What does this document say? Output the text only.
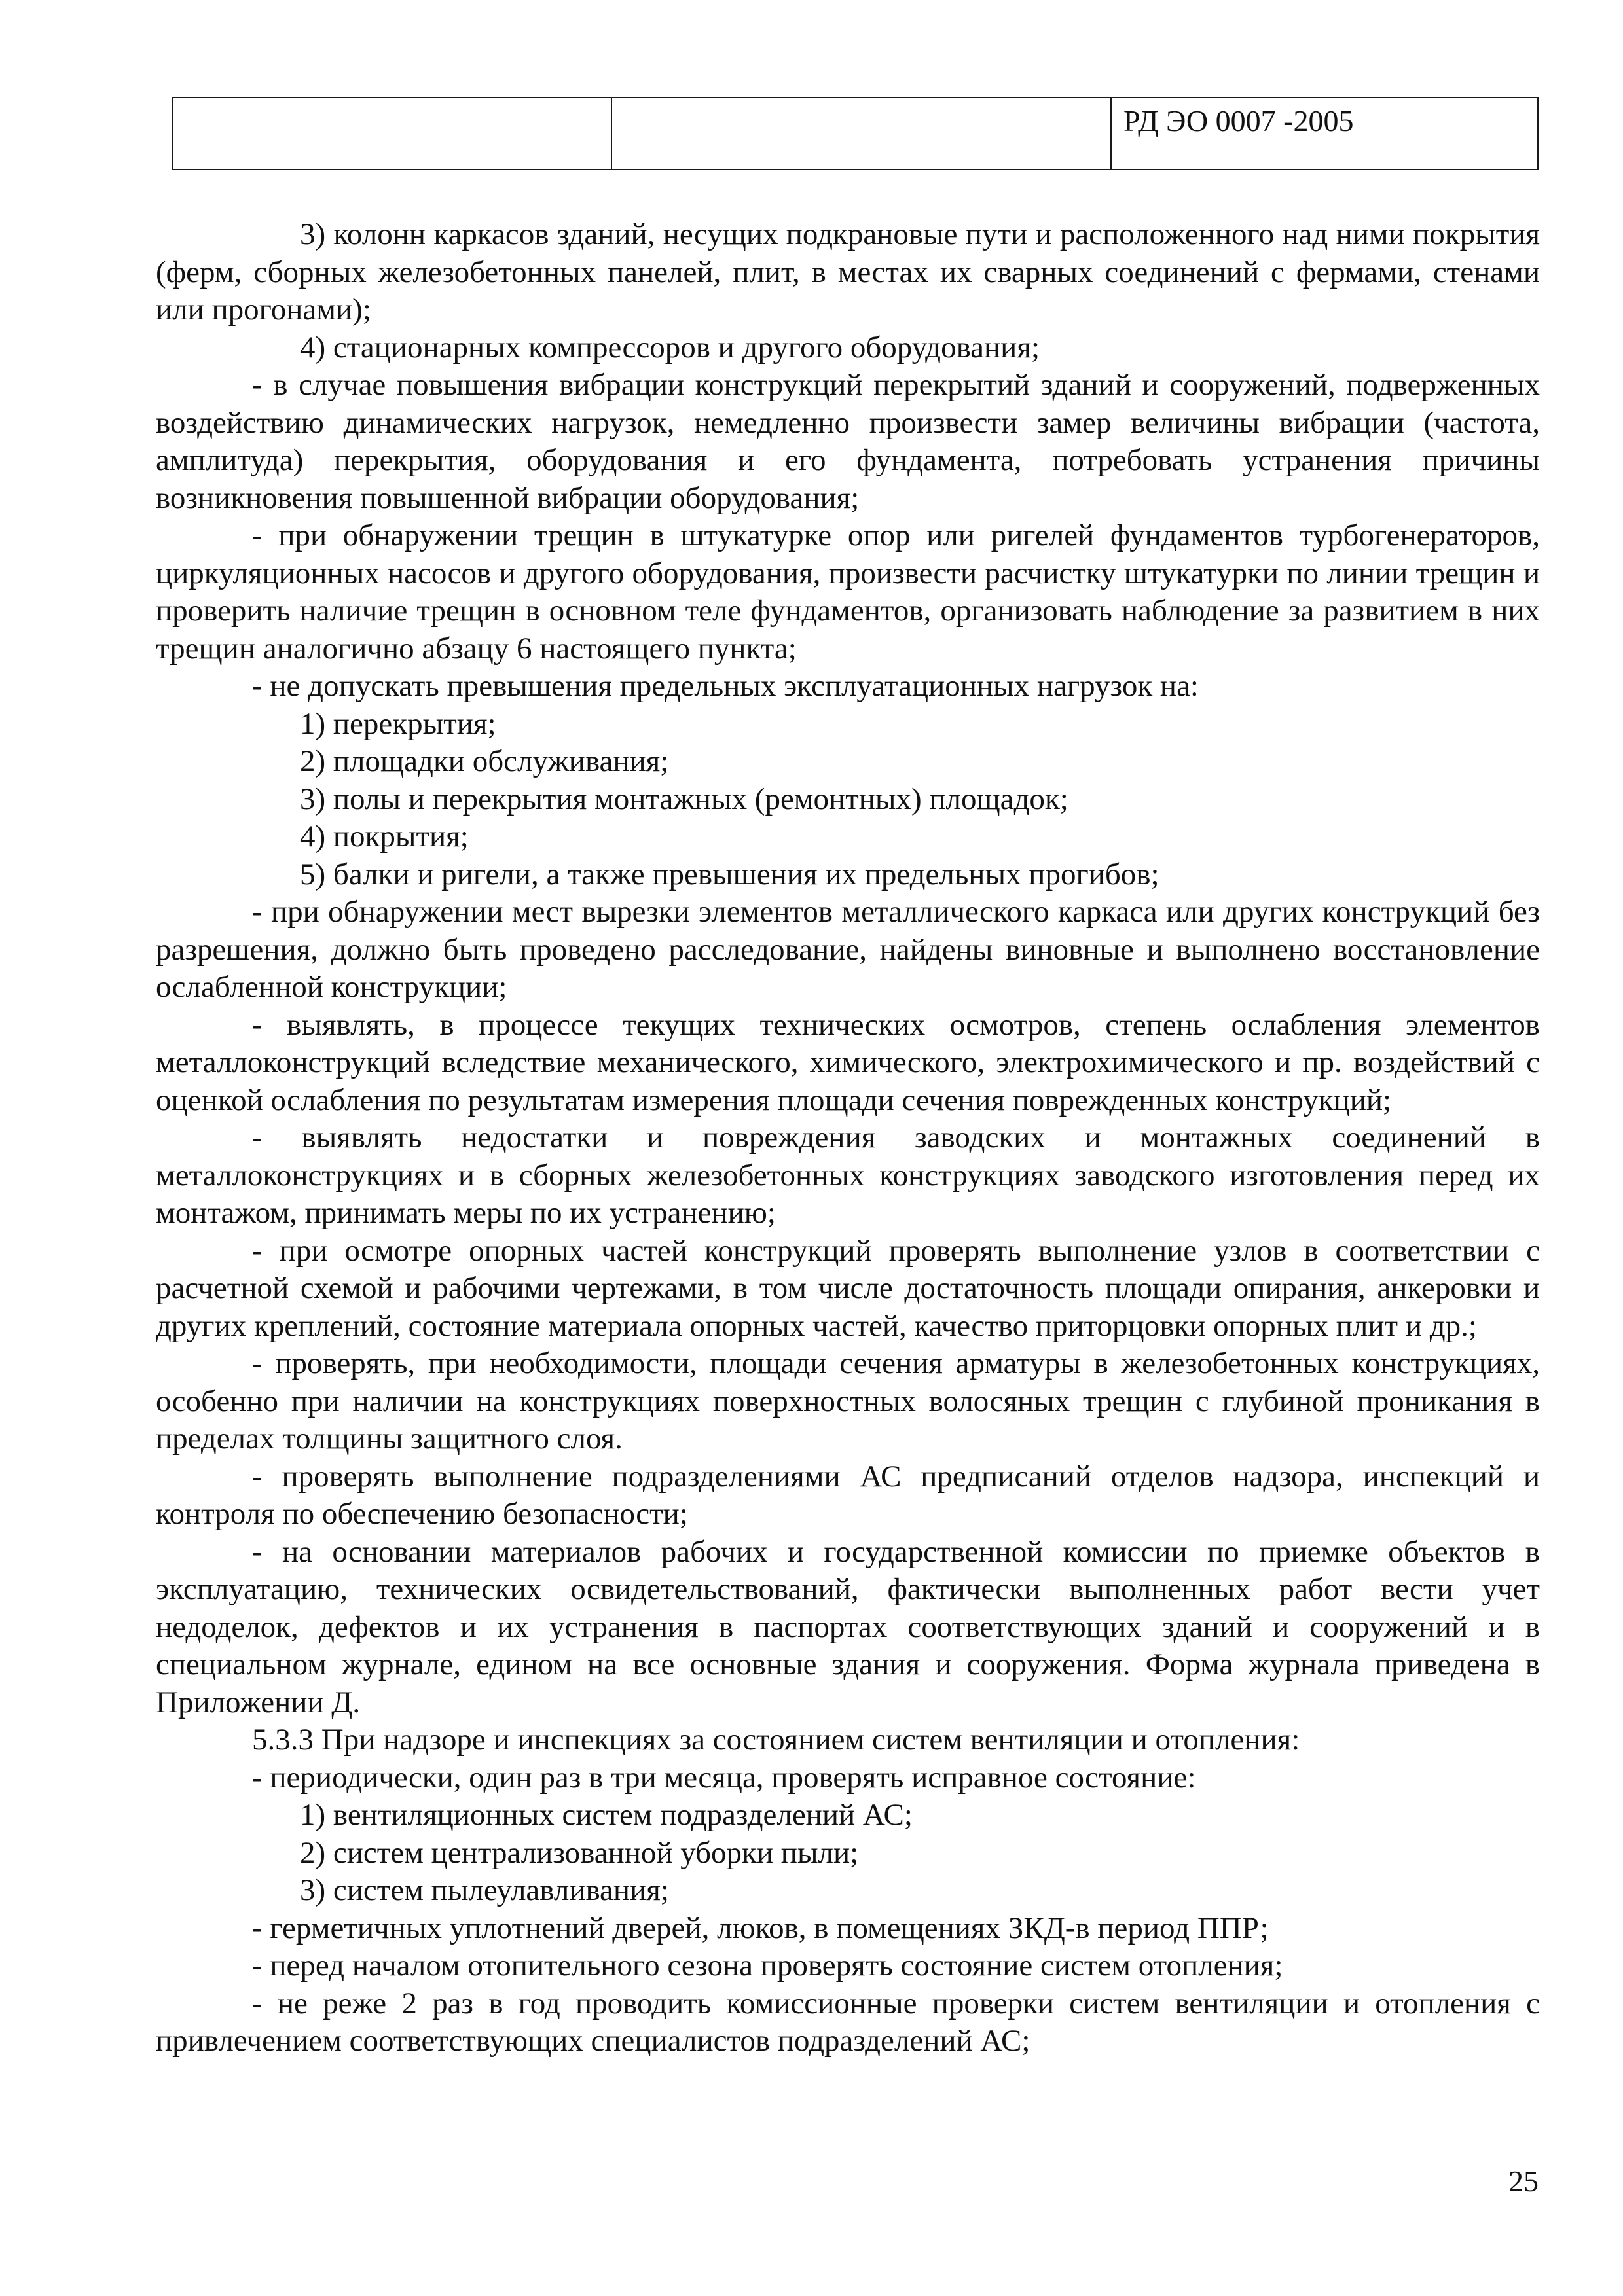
		РД ЭО 0007 -2005

3) колонн каркасов зданий, несущих подкрановые пути и расположенного над ними покрытия (ферм, сборных железобетонных панелей, плит, в местах их сварных соединений с фермами, стенами или прогонами);

4) стационарных компрессоров и другого оборудования;

- в случае повышения вибрации конструкций перекрытий зданий и сооружений, подверженных воздействию динамических нагрузок, немедленно произвести замер величины вибрации (частота, амплитуда) перекрытия, оборудования и его фундамента, потребовать устранения причины возникновения повышенной вибрации оборудования;

- при обнаружении трещин в штукатурке опор или ригелей фундаментов турбогенераторов, циркуляционных насосов и другого оборудования, произвести расчистку штукатурки по линии трещин и проверить наличие трещин в основном теле фундаментов, организовать наблюдение за развитием в них трещин аналогично абзацу 6 настоящего пункта;

- не допускать превышения предельных эксплуатационных нагрузок на:

1) перекрытия;

2) площадки обслуживания;

3) полы и перекрытия монтажных (ремонтных) площадок;

4) покрытия;

5) балки и ригели, а также превышения их предельных прогибов;

- при обнаружении мест вырезки элементов металлического каркаса или других конструкций без разрешения, должно быть проведено расследование, найдены виновные и выполнено восстановление ослабленной конструкции;

- выявлять, в процессе текущих технических осмотров, степень ослабления элементов металлоконструкций вследствие механического, химического, электрохимического и пр. воздействий с оценкой ослабления по результатам измерения площади сечения поврежденных конструкций;

- выявлять недостатки и повреждения заводских и монтажных соединений в металлоконструкциях и в сборных железобетонных конструкциях заводского изготовления перед их монтажом, принимать меры по их устранению;

- при осмотре опорных частей конструкций проверять выполнение узлов в соответствии с расчетной схемой и рабочими чертежами, в том числе достаточность площади опирания, анкеровки и других креплений, состояние материала опорных частей, качество приторцовки опорных плит и др.;

- проверять, при необходимости, площади сечения арматуры в железобетонных конструкциях, особенно при наличии на конструкциях поверхностных волосяных трещин с глубиной проникания в пределах толщины защитного слоя.

- проверять выполнение подразделениями АС предписаний отделов надзора, инспекций и контроля по обеспечению безопасности;

- на основании материалов рабочих и государственной комиссии по приемке объектов в эксплуатацию, технических освидетельствований, фактически выполненных работ вести учет недоделок, дефектов и их устранения в паспортах соответствующих зданий и сооружений и в специальном журнале, едином на все основные здания и сооружения. Форма журнала приведена в Приложении Д.

5.3.3 При надзоре и инспекциях за состоянием систем вентиляции и отопления:

- периодически, один раз в три месяца, проверять исправное состояние:

1) вентиляционных систем подразделений АС;

2) систем централизованной уборки пыли;

3) систем пылеулавливания;

- герметичных уплотнений дверей, люков, в помещениях ЗКД-в период ППР;

- перед началом отопительного сезона проверять состояние систем отопления;

- не реже 2 раз в год проводить комиссионные проверки систем вентиляции и отопления с привлечением соответствующих специалистов подразделений АС;

25
